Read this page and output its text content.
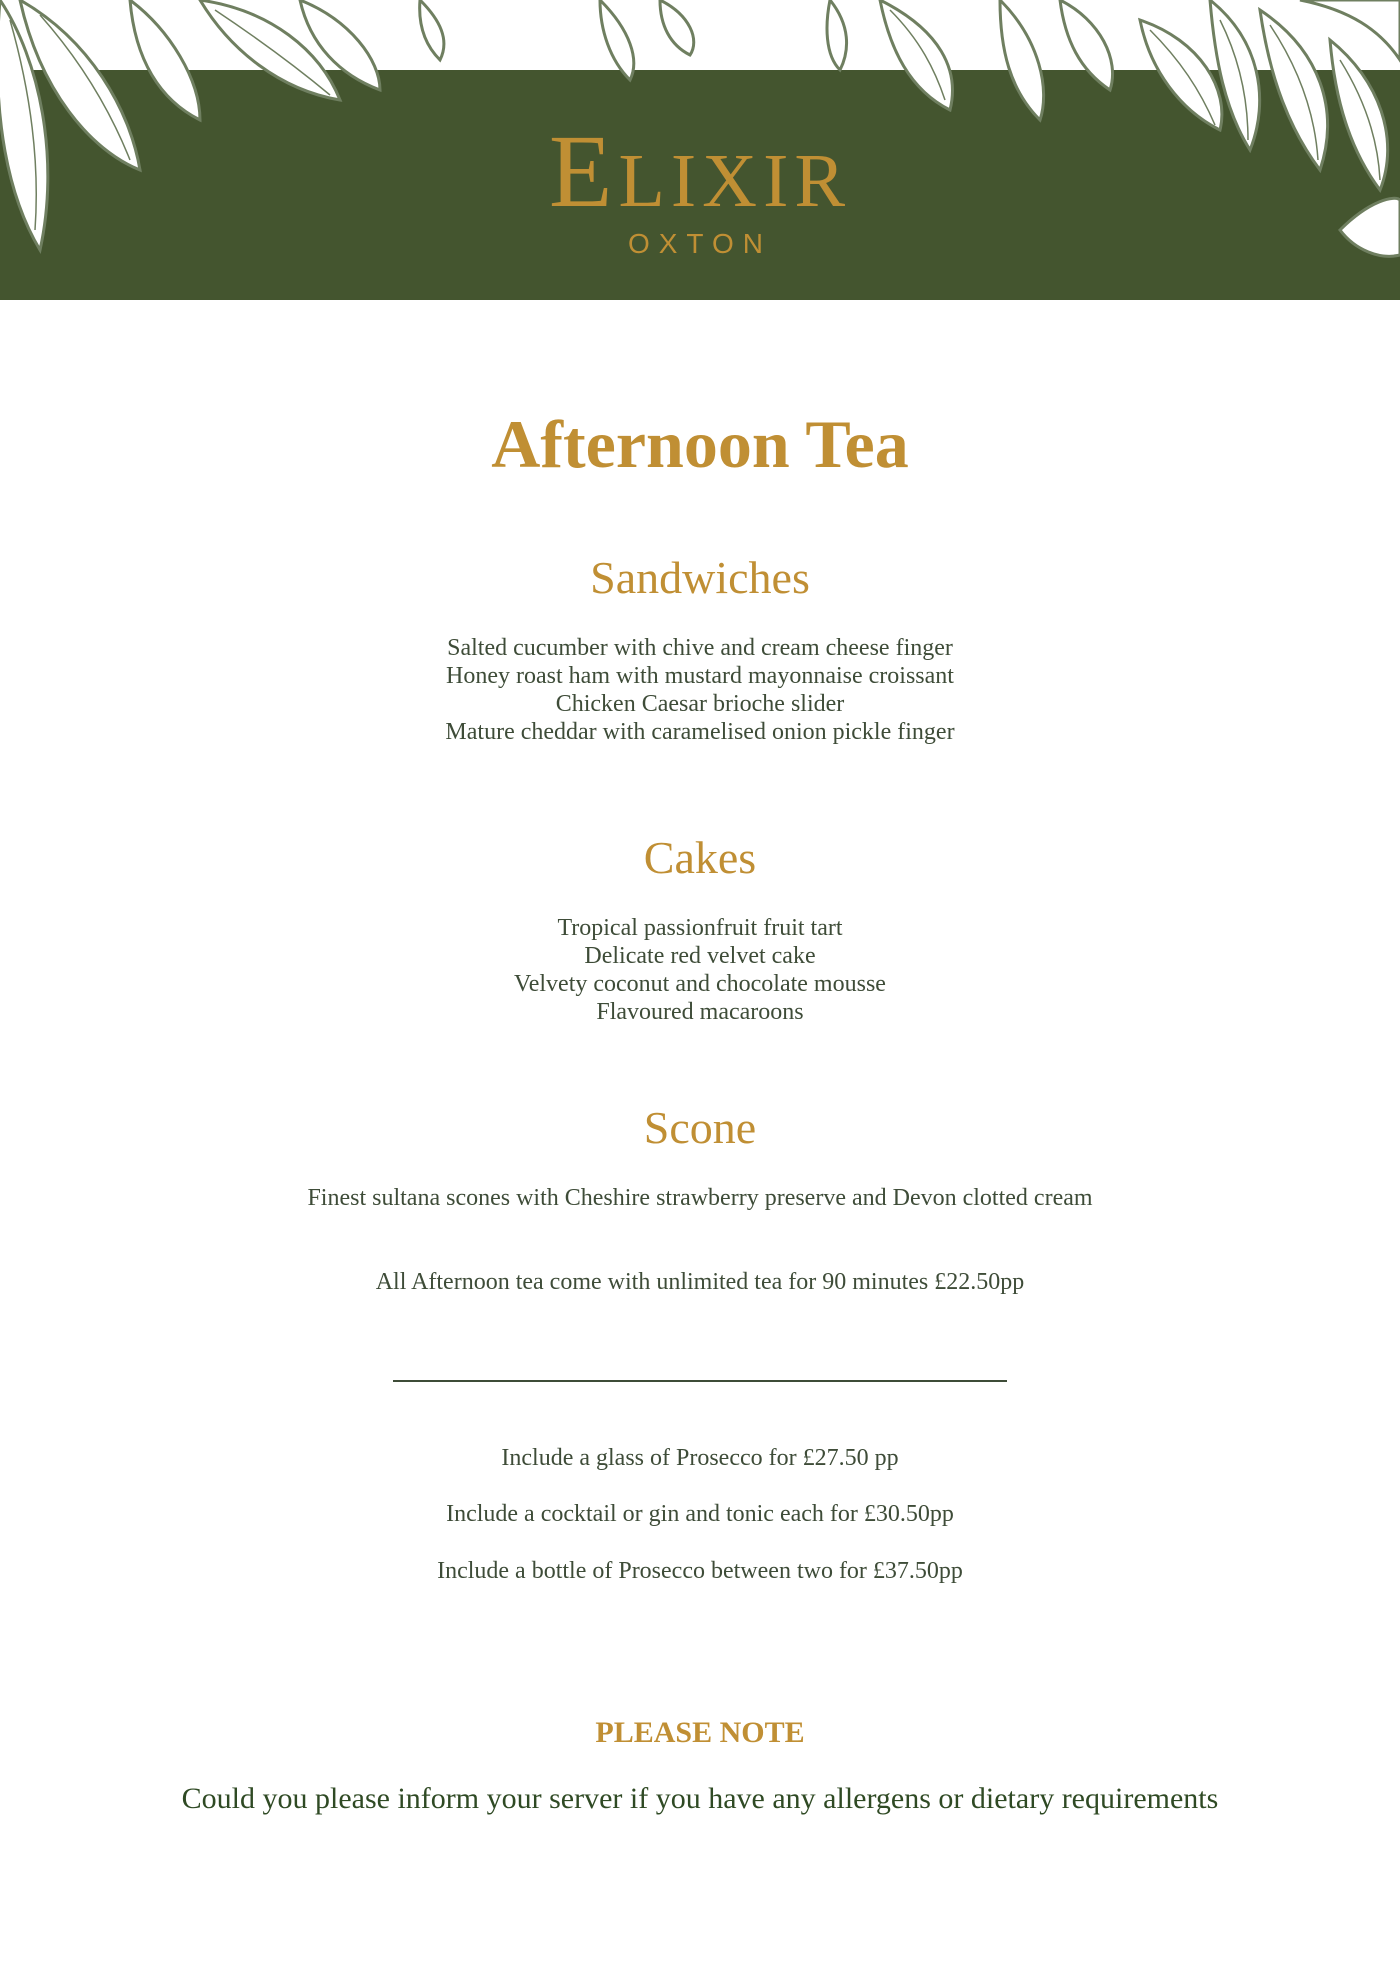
ELIXIR
OXTON
Afternoon Tea
Sandwiches
Salted cucumber with chive and cream cheese finger
Honey roast ham with mustard mayonnaise croissant
Chicken Caesar brioche slider
Mature cheddar with caramelised onion pickle finger
Cakes
Tropical passionfruit fruit tart
Delicate red velvet cake
Velvety coconut and chocolate mousse
Flavoured macaroons
Scone
Finest sultana scones with Cheshire strawberry preserve and Devon clotted cream
All Afternoon tea come with unlimited tea for 90 minutes £22.50pp
Include a glass of Prosecco for £27.50 pp
Include a cocktail or gin and tonic each for £30.50pp
Include a bottle of Prosecco between two for £37.50pp
PLEASE NOTE
Could you please inform your server if you have any allergens or dietary requirements
